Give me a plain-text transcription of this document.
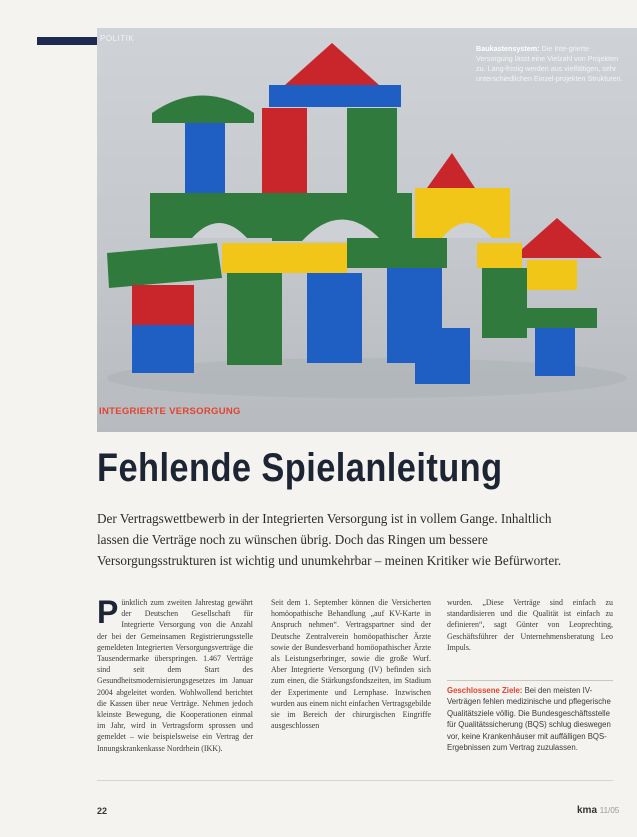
POLITIK

Baukastensystem: Die Inte-grierte Versorgung lässt eine Vielzahl von Projekten zu. Lang-fristig werden aus vielfältigen, sehr unterschiedlichen Einzel-projekten Strukturen.

INTEGRIERTE VERSORGUNG
Fehlende Spielanleitung

Der Vertragswettbewerb in der Integrierten Versorgung ist in vollem Gange. Inhaltlich lassen die Verträge noch zu wünschen übrig. Doch das Ringen um bessere Versorgungsstrukturen ist wichtig und unumkehrbar – meinen Kritiker wie Befürworter.

P ünktlich zum zweiten Jahrestag gewährt der Deutschen Gesellschaft für Integrierte Versorgung von die Anzahl der bei der Gemeinsamen Registrierungsstelle gemeldeten Integrierten Versorgungsverträge die Tausendermarke überspringen. 1.467 Verträge sind seit dem Start des Gesundheitsmodernisierungsgesetzes im Januar 2004 abgeleitet worden. Wohlwollend berichtet die Kassen über neue Verträge. Nehmen jedoch kleinste Bewegung, die Kooperationen einmal im Jahr, wird in Vertragsform sprossen und gemeldet – wie beispielsweise ein Vertrag der Innungskrankenkasse Nordrhein (IKK).

Seit dem 1. September können die Versicherten homöopathische Behandlung „auf KV-Karte in Anspruch nehmen“. Vertragspartner sind der Deutsche Zentralverein homöopathischer Ärzte sowie der Bundesverband homöopathischer Ärzte als Leistungserbringer, sowie die große Wurf. Aber Integrierte Versorgung (IV) befinden sich zum einen, die Stärkungsfondszeiten, im Stadium der Experimente und Lernphase. Inzwischen wurden aus einem nicht einfachen Vertragsgebilde sie im Bereich der chirurgischen Eingriffe ausgeschlossen

wurden. „Diese Verträge sind einfach zu standardisieren und die Qualität ist einfach zu definieren“, sagt Günter von Leoprechting, Geschäftsführer der Unternehmensberatung Leo Impuls.

Geschlossene Ziele: Bei den meisten IV-Verträgen fehlen medizinische und pflegerische Qualitätsziele völlig. Die Bundesgeschäftsstelle für Qualitätssicherung (BQS) schlug dieswegen vor, keine Krankenhäuser mit auffälligen BQS-Ergebnissen zum Vertrag zuzulassen.

22	kma 11/05
